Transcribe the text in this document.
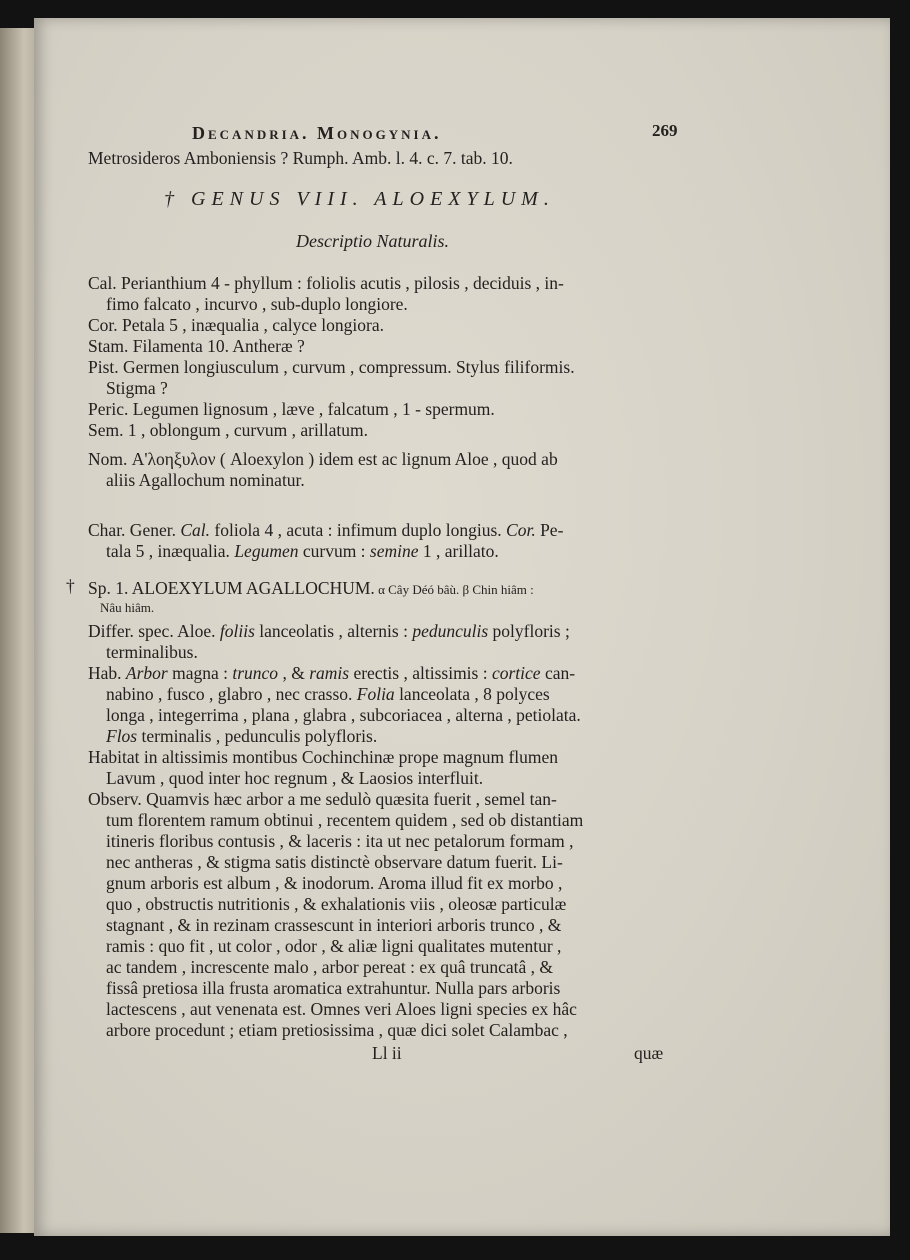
Decandria. Monogynia.	269
Metrosideros Amboniensis ? Rumph. Amb. l. 4. c. 7. tab. 10.
† GENUS VIII. ALOEXYLUM.
Descriptio Naturalis.
Cal. Perianthium 4 - phyllum : foliolis acutis , pilosis , deciduis , in-
fimo falcato , incurvo , sub-duplo longiore.
Cor. Petala 5 , inæqualia , calyce longiora.
Stam. Filamenta 10. Antheræ ?
Pist. Germen longiusculum , curvum , compressum. Stylus filiformis.
Stigma ?
Peric. Legumen lignosum , læve , falcatum , 1 - spermum.
Sem. 1 , oblongum , curvum , arillatum.
Nom. Α'λοηξυλον ( Aloexylon ) idem est ac lignum Aloe , quod ab
aliis Agallochum nominatur.
Char. Gener. Cal. foliola 4 , acuta : infimum duplo longius. Cor. Pe-
tala 5 , inæqualia. Legumen curvum : semine 1 , arillato.
† Sp. 1. ALOEXYLUM AGALLOCHUM. α Cây Déó bâù. β Chin hiâm :
Nâu hiâm.
Differ. spec. Aloe. foliis lanceolatis , alternis : pedunculis polyfloris ;
terminalibus.
Hab. Arbor magna : trunco , & ramis erectis , altissimis : cortice can-
nabino , fusco , glabro , nec crasso. Folia lanceolata , 8 polyces
longa , integerrima , plana , glabra , subcoriacea , alterna , petiolata.
Flos terminalis , pedunculis polyfloris.
Habitat in altissimis montibus Cochinchinæ prope magnum flumen
Lavum , quod inter hoc regnum , & Laosios interfluit.
Observ. Quamvis hæc arbor a me sedulò quæsita fuerit , semel tan-
tum florentem ramum obtinui , recentem quidem , sed ob distantiam
itineris floribus contusis , & laceris : ita ut nec petalorum formam ,
nec antheras , & stigma satis distinctè observare datum fuerit. Li-
gnum arboris est album , & inodorum. Aroma illud fit ex morbo ,
quo , obstructis nutritionis , & exhalationis viis , oleosæ particulæ
stagnant , & in rezinam crassescunt in interiori arboris trunco , &
ramis : quo fit , ut color , odor , & aliæ ligni qualitates mutentur ,
ac tandem , increscente malo , arbor pereat : ex quâ truncatâ , &
fissâ pretiosa illa frusta aromatica extrahuntur. Nulla pars arboris
lactescens , aut venenata est. Omnes veri Aloes ligni species ex hâc
arbore procedunt ; etiam pretiosissima , quæ dici solet Calambac ,
Ll ii	quæ
